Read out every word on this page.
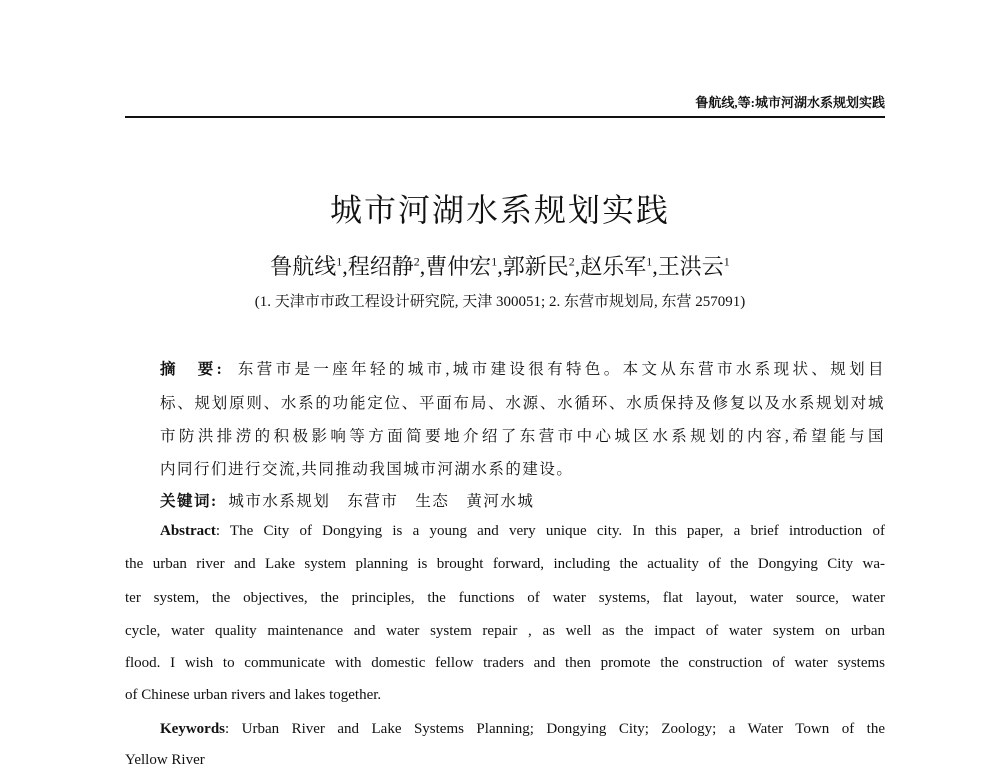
鲁航线,等:城市河湖水系规划实践
城市河湖水系规划实践
鲁航线$^1$,程绍静$^2$,曹仲宏$^1$,郭新民$^2$,赵乐军$^1$,王洪云$^1$
(1. 天津市市政工程设计研究院, 天津 300051; 2. 东营市规划局, 东营 257091)
摘　要: 东营市是一座年轻的城市,城市建设很有特色。本文从东营市水系现状、规划目
标、规划原则、水系的功能定位、平面布局、水源、水循环、水质保持及修复以及水系规划对城
市防洪排涝的积极影响等方面简要地介绍了东营市中心城区水系规划的内容,希望能与国
内同行们进行交流,共同推动我国城市河湖水系的建设。
关键词: 城市水系规划　东营市　生态　黄河水城
Abstract: The City of Dongying is a young and very unique city. In this paper, a brief introduction of
the urban river and Lake system planning is brought forward, including the actuality of the Dongying City wa-
ter system, the objectives, the principles, the functions of water systems, flat layout, water source, water
cycle, water quality maintenance and water system repair , as well as the impact of water system on urban
flood. I wish to communicate with domestic fellow traders and then promote the construction of water systems
of Chinese urban rivers and lakes together.
Keywords: Urban River and Lake Systems Planning; Dongying City; Zoology; a Water Town of the
Yellow River
